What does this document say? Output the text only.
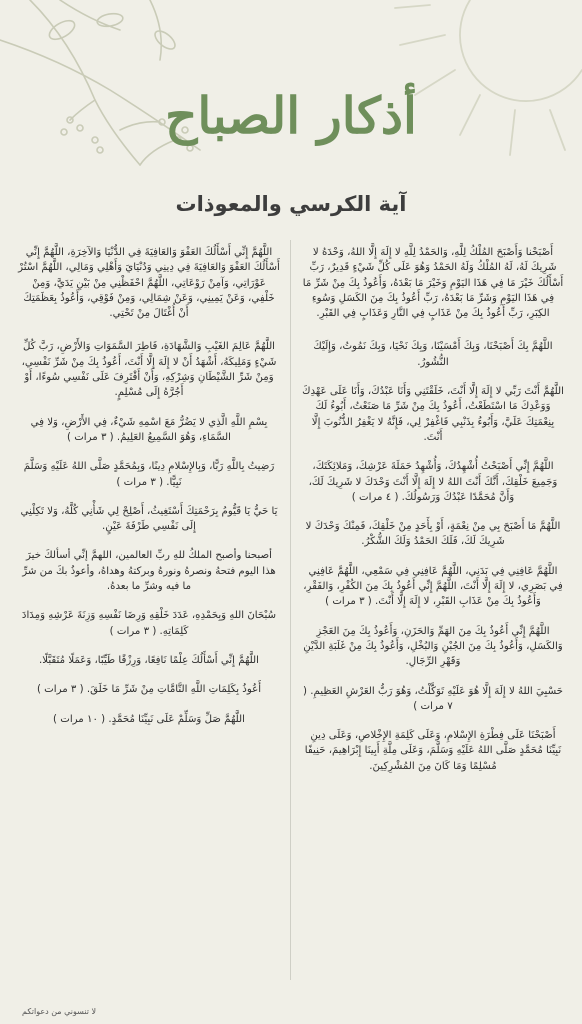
أذكار الصباح
آية الكرسي والمعوذات

أَصْبَحْنا وَأَصْبَحَ المُلْكُ لِلَّهِ، وَالحَمْدُ لِلَّهِ لا إِلَهَ إِلَّا اللهُ، وَحْدَهُ لا شَرِيكَ لَهُ، لَهُ المُلْكُ وَلَهُ الحَمْدُ وَهُوَ عَلَى كُلِّ شَيْءٍ قَدِيرٌ، رَبِّ أَسْأَلُكَ خَيْرَ مَا فِي هَذَا اليَوْمِ وَخَيْرَ مَا بَعْدَهُ، وَأَعُوذُ بِكَ مِنْ شَرِّ مَا فِي هَذَا اليَوْمِ وَشَرِّ مَا بَعْدَهُ، رَبِّ أَعُوذُ بِكَ مِنَ الكَسَلِ وَسُوءِ الكِبَرِ، رَبِّ أَعُوذُ بِكَ مِنْ عَذَابٍ فِي النَّارِ وَعَذَابٍ فِي القَبْرِ.

اللَّهُمَّ بِكَ أَصْبَحْنَا، وَبِكَ أَمْسَيْنَا، وَبِكَ نَحْيَا، وَبِكَ نَمُوتُ، وَإِلَيْكَ النُّشُورُ.

اللَّهُمَّ أَنْتَ رَبِّي لا إِلَهَ إِلَّا أَنْتَ، خَلَقْتَنِي وَأَنَا عَبْدُكَ، وَأَنَا عَلَى عَهْدِكَ وَوَعْدِكَ مَا اسْتَطَعْتُ، أَعُوذُ بِكَ مِنْ شَرِّ مَا صَنَعْتُ، أَبُوءُ لَكَ بِنِعْمَتِكَ عَلَيَّ، وَأَبُوءُ بِذَنْبِي فَاغْفِرْ لِي، فَإِنَّهُ لا يَغْفِرُ الذُّنُوبَ إِلَّا أَنْتَ.

اللَّهُمَّ إِنِّي أَصْبَحْتُ أُشْهِدُكَ، وَأُشْهِدُ حَمَلَةَ عَرْشِكَ، وَمَلائِكَتَكَ، وَجَمِيعَ خَلْقِكَ، أَنَّكَ أَنْتَ اللهُ لا إِلَهَ إِلَّا أَنْتَ وَحْدَكَ لا شَرِيكَ لَكَ، وَأَنَّ مُحَمَّدًا عَبْدُكَ وَرَسُولُكَ. ( ٤ مرات )

اللَّهُمَّ مَا أَصْبَحَ بِي مِنْ نِعْمَةٍ، أَوْ بِأَحَدٍ مِنْ خَلْقِكَ، فَمِنْكَ وَحْدَكَ لا شَرِيكَ لَكَ، فَلَكَ الحَمْدُ وَلَكَ الشُّكْرُ.

اللَّهُمَّ عَافِنِي فِي بَدَنِي، اللَّهُمَّ عَافِنِي فِي سَمْعِي، اللَّهُمَّ عَافِنِي فِي بَصَرِي، لا إِلَهَ إِلَّا أَنْتَ، اللَّهُمَّ إِنِّي أَعُوذُ بِكَ مِنَ الكُفْرِ، وَالفَقْرِ، وَأَعُوذُ بِكَ مِنْ عَذَابِ القَبْرِ، لا إِلَهَ إِلَّا أَنْتَ. ( ٣ مرات )

اللَّهُمَّ إِنِّي أَعُوذُ بِكَ مِنَ الهَمِّ وَالحَزَنِ، وَأَعُوذُ بِكَ مِنَ العَجْزِ وَالكَسَلِ، وَأَعُوذُ بِكَ مِنَ الجُبْنِ وَالبُخْلِ، وَأَعُوذُ بِكَ مِنْ غَلَبَةِ الدَّيْنِ وَقَهْرِ الرِّجَالِ.

حَسْبِيَ اللهُ لا إِلَهَ إِلَّا هُوَ عَلَيْهِ تَوَكَّلْتُ، وَهُوَ رَبُّ العَرْشِ العَظِيمِ. ( ٧ مرات )

أَصْبَحْنَا عَلَى فِطْرَةِ الإِسْلامِ، وَعَلَى كَلِمَةِ الإِخْلاصِ، وَعَلَى دِينِ نَبِيِّنَا مُحَمَّدٍ صَلَّى اللهُ عَلَيْهِ وَسَلَّمَ، وَعَلَى مِلَّةِ أَبِينَا إِبْرَاهِيمَ، حَنِيفًا مُسْلِمًا وَمَا كَانَ مِنَ المُشْرِكِينَ.

اللَّهُمَّ إِنِّي أَسْأَلُكَ العَفْوَ وَالعَافِيَةَ فِي الدُّنْيَا وَالآخِرَةِ، اللَّهُمَّ إِنِّي أَسْأَلُكَ العَفْوَ وَالعَافِيَةَ فِي دِينِي وَدُنْيَايَ وَأَهْلِي وَمَالِي، اللَّهُمَّ اسْتُرْ عَوْرَاتِي، وَآمِنْ رَوْعَاتِي، اللَّهُمَّ احْفَظْنِي مِنْ بَيْنِ يَدَيَّ، وَمِنْ خَلْفِي، وَعَنْ يَمِينِي، وَعَنْ شِمَالِي، وَمِنْ فَوْقِي، وَأَعُوذُ بِعَظَمَتِكَ أَنْ أُغْتَالَ مِنْ تَحْتِي.

اللَّهُمَّ عَالِمَ الغَيْبِ وَالشَّهَادَةِ، فَاطِرَ السَّمَوَاتِ وَالأَرْضِ، رَبَّ كُلِّ شَيْءٍ وَمَلِيكَهُ، أَشْهَدُ أَنْ لا إِلَهَ إِلَّا أَنْتَ، أَعُوذُ بِكَ مِنْ شَرِّ نَفْسِي، وَمِنْ شَرِّ الشَّيْطَانِ وَشِرْكِهِ، وَأَنْ أَقْتَرِفَ عَلَى نَفْسِي سُوءًا، أَوْ أَجُرَّهُ إِلَى مُسْلِمٍ.

بِسْمِ اللَّهِ الَّذِي لا يَضُرُّ مَعَ اسْمِهِ شَيْءٌ، فِي الأَرْضِ، وَلا فِي السَّمَاءِ، وَهُوَ السَّمِيعُ العَلِيمُ. ( ٣ مرات )

رَضِيتُ بِاللَّهِ رَبًّا، وَبِالإِسْلامِ دِينًا، وَبِمُحَمَّدٍ صَلَّى اللهُ عَلَيْهِ وَسَلَّمَ نَبِيًّا. ( ٣ مرات )

يَا حَيُّ يَا قَيُّومُ بِرَحْمَتِكَ أَسْتَغِيثُ، أَصْلِحْ لِي شَأْنِي كُلَّهُ، وَلا تَكِلْنِي إِلَى نَفْسِي طَرْفَةَ عَيْنٍ.

أصبحنا وأصبح الملكُ للهِ ربِّ العالمين، اللهمَّ إنِّي أسألكَ خيرَ هذا اليوم فتحهُ ونصرهُ ونورهُ وبركتهُ وهداهُ، وأعوذُ بكَ من شرِّ ما فيه وشرِّ ما بعدهُ.

سُبْحَانَ اللهِ وَبِحَمْدِهِ، عَدَدَ خَلْقِهِ وَرِضَا نَفْسِهِ وَزِنَةَ عَرْشِهِ وَمِدَادَ كَلِمَاتِهِ. ( ٣ مرات )

اللَّهُمَّ إِنِّي أَسْأَلُكَ عِلْمًا نَافِعًا، وَرِزْقًا طَيِّبًا، وَعَمَلًا مُتَقَبَّلًا.

أَعُوذُ بِكَلِمَاتِ اللَّهِ التَّامَّاتِ مِنْ شَرِّ مَا خَلَقَ. ( ٣ مرات )

اللَّهُمَّ صَلِّ وَسَلِّمْ عَلَى نَبِيِّنَا مُحَمَّدٍ. ( ١٠ مرات )

لا تنسوني من دعواتكم
